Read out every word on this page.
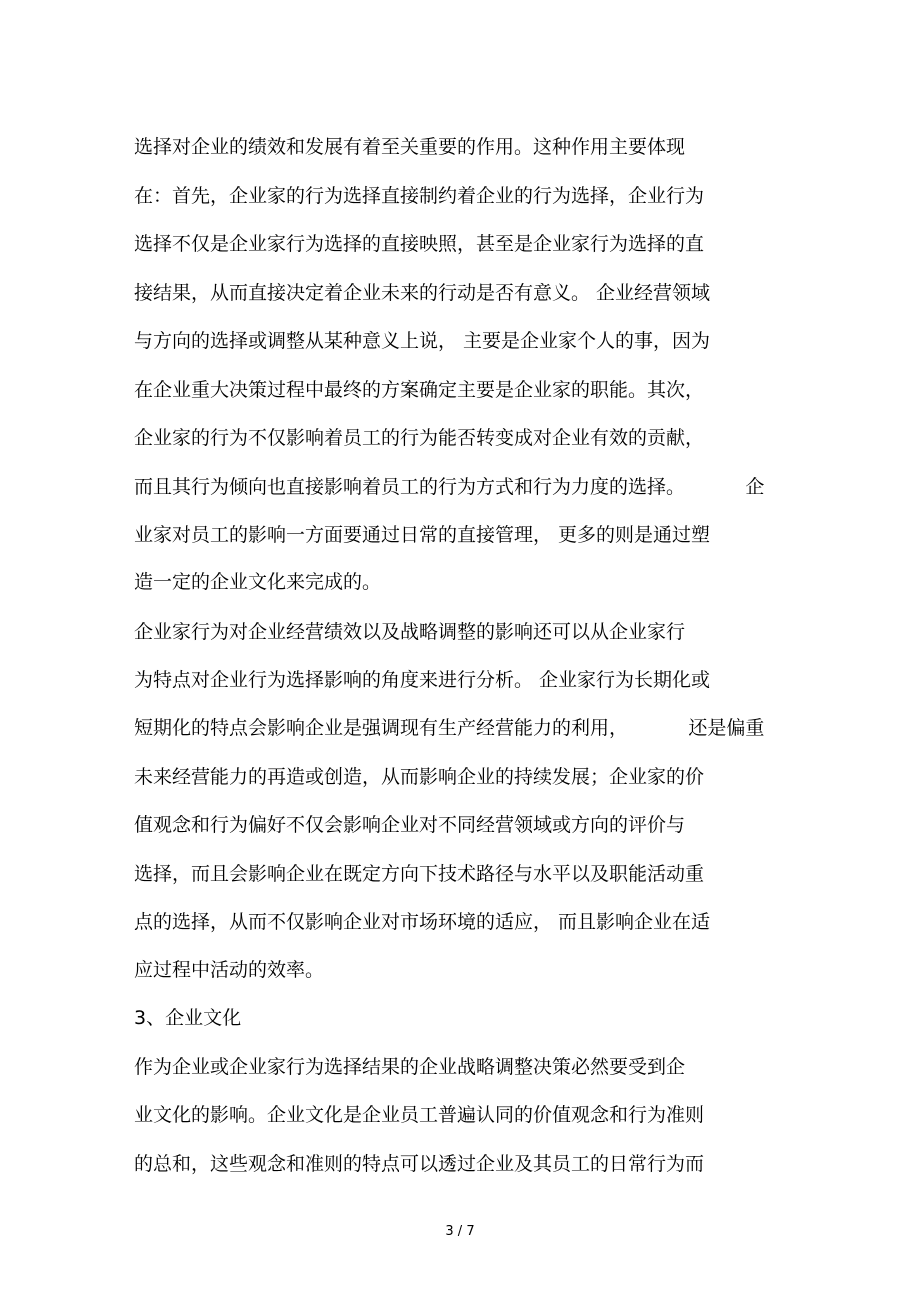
选择对企业的绩效和发展有着至关重要的作用。这种作用主要体现
在：首先，企业家的行为选择直接制约着企业的行为选择，企业行为
选择不仅是企业家行为选择的直接映照，甚至是企业家行为选择的直
接结果，从而直接决定着企业未来的行动是否有意义。 企业经营领域
与方向的选择或调整从某种意义上说， 主要是企业家个人的事，因为
在企业重大决策过程中最终的方案确定主要是企业家的职能。其次，
企业家的行为不仅影响着员工的行为能否转变成对企业有效的贡献，
而且其行为倾向也直接影响着员工的行为方式和行为力度的选择。          企
业家对员工的影响一方面要通过日常的直接管理， 更多的则是通过塑
造一定的企业文化来完成的。
企业家行为对企业经营绩效以及战略调整的影响还可以从企业家行
为特点对企业行为选择影响的角度来进行分析。 企业家行为长期化或
短期化的特点会影响企业是强调现有生产经营能力的利用，          还是偏重
未来经营能力的再造或创造，从而影响企业的持续发展；企业家的价
值观念和行为偏好不仅会影响企业对不同经营领域或方向的评价与
选择，而且会影响企业在既定方向下技术路径与水平以及职能活动重
点的选择，从而不仅影响企业对市场环境的适应， 而且影响企业在适
应过程中活动的效率。
3、企业文化
作为企业或企业家行为选择结果的企业战略调整决策必然要受到企
业文化的影响。企业文化是企业员工普遍认同的价值观念和行为准则
的总和，这些观念和准则的特点可以透过企业及其员工的日常行为而
3 / 7
